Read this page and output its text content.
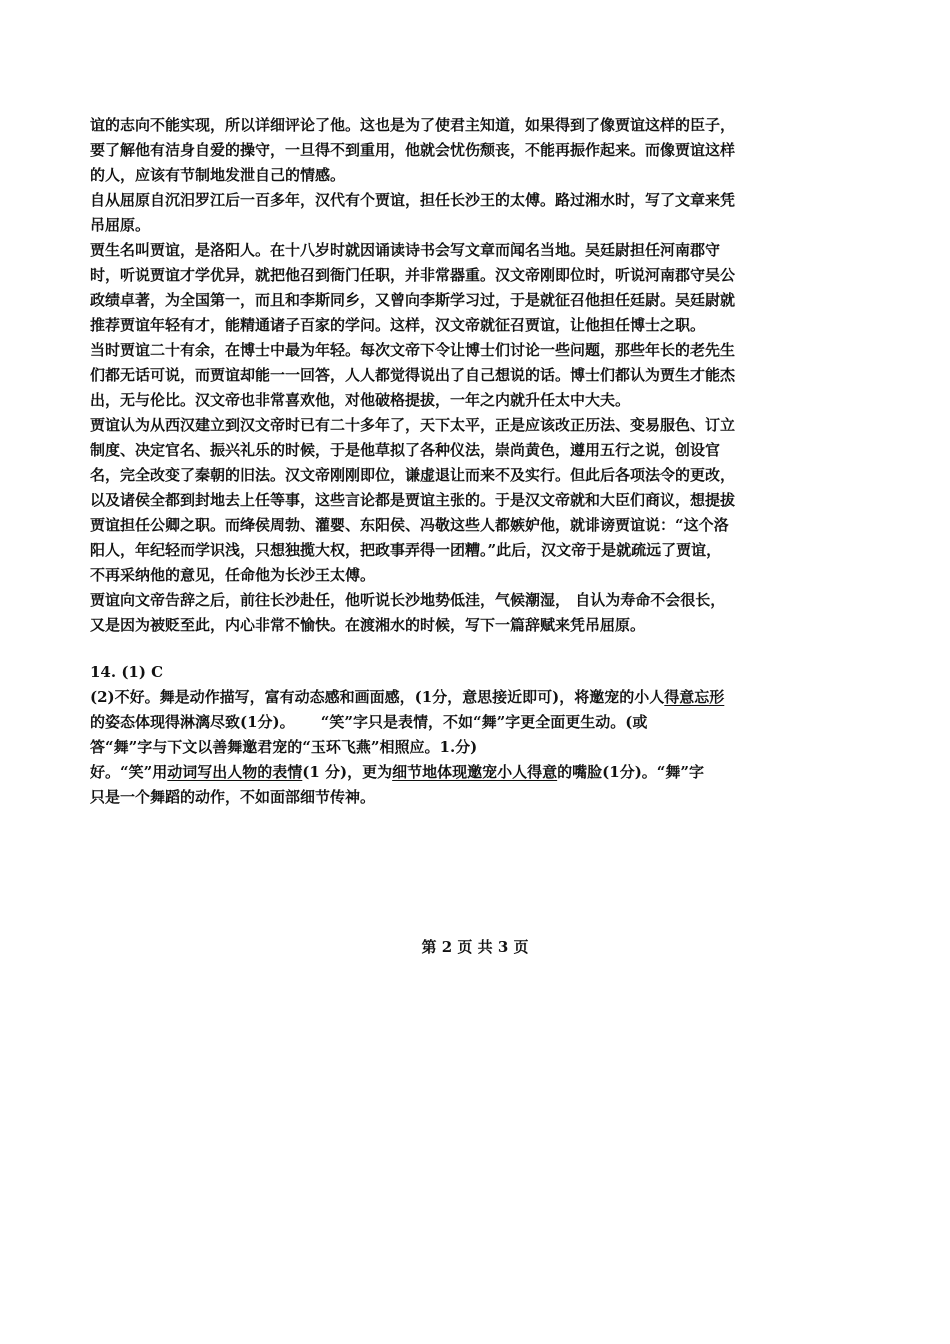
谊的志向不能实现，所以详细评论了他。这也是为了使君主知道，如果得到了像贾谊这样的臣子，
要了解他有洁身自爱的操守，一旦得不到重用，他就会忧伤颓丧，不能再振作起来。而像贾谊这样
的人，应该有节制地发泄自己的情感。
自从屈原自沉汨罗江后一百多年，汉代有个贾谊，担任长沙王的太傅。路过湘水时，写了文章来凭
吊屈原。
贾生名叫贾谊，是洛阳人。在十八岁时就因诵读诗书会写文章而闻名当地。吴廷尉担任河南郡守
时，听说贾谊才学优异，就把他召到衙门任职，并非常器重。汉文帝刚即位时，听说河南郡守吴公
政绩卓著，为全国第一，而且和李斯同乡，又曾向李斯学习过，于是就征召他担任廷尉。吴廷尉就
推荐贾谊年轻有才，能精通诸子百家的学问。这样，汉文帝就征召贾谊，让他担任博士之职。
当时贾谊二十有余，在博士中最为年轻。每次文帝下令让博士们讨论一些问题，那些年长的老先生
们都无话可说，而贾谊却能一一回答，人人都觉得说出了自己想说的话。博士们都认为贾生才能杰
出，无与伦比。汉文帝也非常喜欢他，对他破格提拔，一年之内就升任太中大夫。
贾谊认为从西汉建立到汉文帝时已有二十多年了，天下太平，正是应该改正历法、变易服色、订立
制度、决定官名、振兴礼乐的时候，于是他草拟了各种仪法，崇尚黄色，遵用五行之说，创设官
名，完全改变了秦朝的旧法。汉文帝刚刚即位，谦虚退让而来不及实行。但此后各项法令的更改，
以及诸侯全都到封地去上任等事，这些言论都是贾谊主张的。于是汉文帝就和大臣们商议，想提拔
贾谊担任公卿之职。而绛侯周勃、灌婴、东阳侯、冯敬这些人都嫉妒他，就诽谤贾谊说：“这个洛
阳人，年纪轻而学识浅，只想独揽大权，把政事弄得一团糟。”此后，汉文帝于是就疏远了贾谊，
不再采纳他的意见，任命他为长沙王太傅。
贾谊向文帝告辞之后，前往长沙赴任，他听说长沙地势低洼，气候潮湿， 自认为寿命不会很长，
又是因为被贬至此，内心非常不愉快。在渡湘水的时候，写下一篇辞赋来凭吊屈原。
14. (1) C
(2)不好。舞是动作描写，富有动态感和画面感，(1分，意思接近即可)，将邀宠的小人得意忘形
的姿态体现得淋漓尽致(1分)。     “笑”字只是表情，不如“舞”字更全面更生动。(或
答“舞”字与下文以善舞邀君宠的“玉环飞燕”相照应。1.分)
好。“笑”用动词写出人物的表情(1 分)，更为细节地体现邀宠小人得意的嘴脸(1分)。“舞”字
只是一个舞蹈的动作，不如面部细节传神。
第 2 页 共 3 页
